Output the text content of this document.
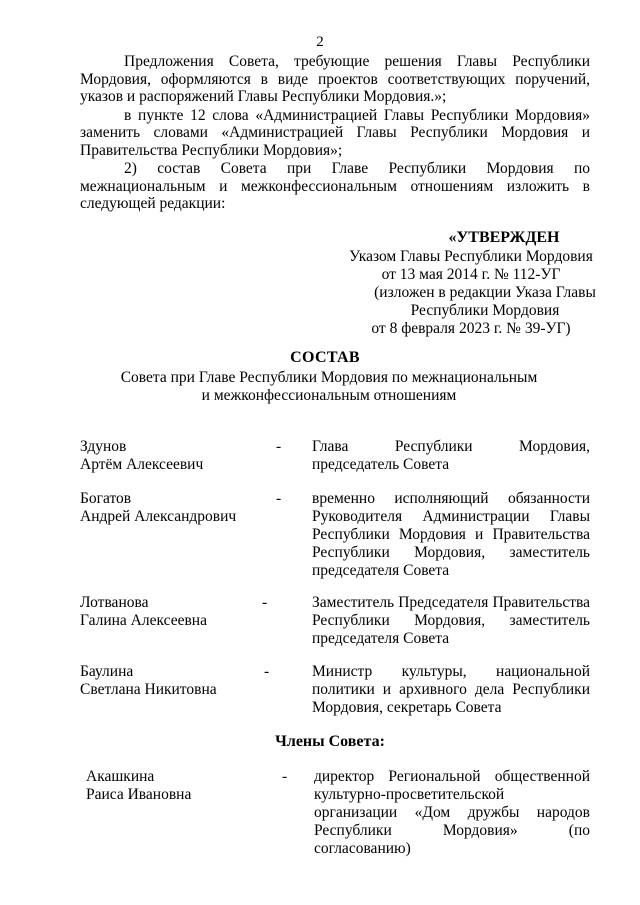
2

Предложения Совета, требующие решения Главы Республики Мордовия, оформляются в виде проектов соответствующих поручений, указов и распоряжений Главы Республики Мордовия.»;

в пункте 12 слова «Администрацией Главы Республики Мордовия» заменить словами «Администрацией Главы Республики Мордовия и Правительства Республики Мордовия»;

2) состав Совета при Главе Республики Мордовия по межнациональным и межконфессиональным отношениям изложить в следующей редакции:

«УТВЕРЖДЕН
Указом Главы Республики Мордовия
от 13 мая 2014 г. № 112-УГ
(изложен в редакции Указа Главы
Республики Мордовия
от 8 февраля 2023 г. № 39-УГ)
СОСТАВ
Совета при Главе Республики Мордовия по межнациональным
и межконфессиональным отношениям
Здунов
Артём Алексеевич
- Глава Республики Мордовия, председатель Совета
Богатов
Андрей Александрович
- временно исполняющий обязанности Руководителя Администрации Главы Республики Мордовия и Правительства Республики Мордовия, заместитель председателя Совета
Лотванова
Галина Алексеевна
-	Заместитель Председателя Правительства Республики Мордовия, заместитель председателя Совета
Баулина
Светлана Никитовна
-	Министр культуры, национальной политики и архивного дела Республики Мордовия, секретарь Совета
Члены Совета:
Акашкина
Раиса Ивановна
- директор Региональной общественной культурно-просветительской организации «Дом дружбы народов Республики Мордовия» (по согласованию)
